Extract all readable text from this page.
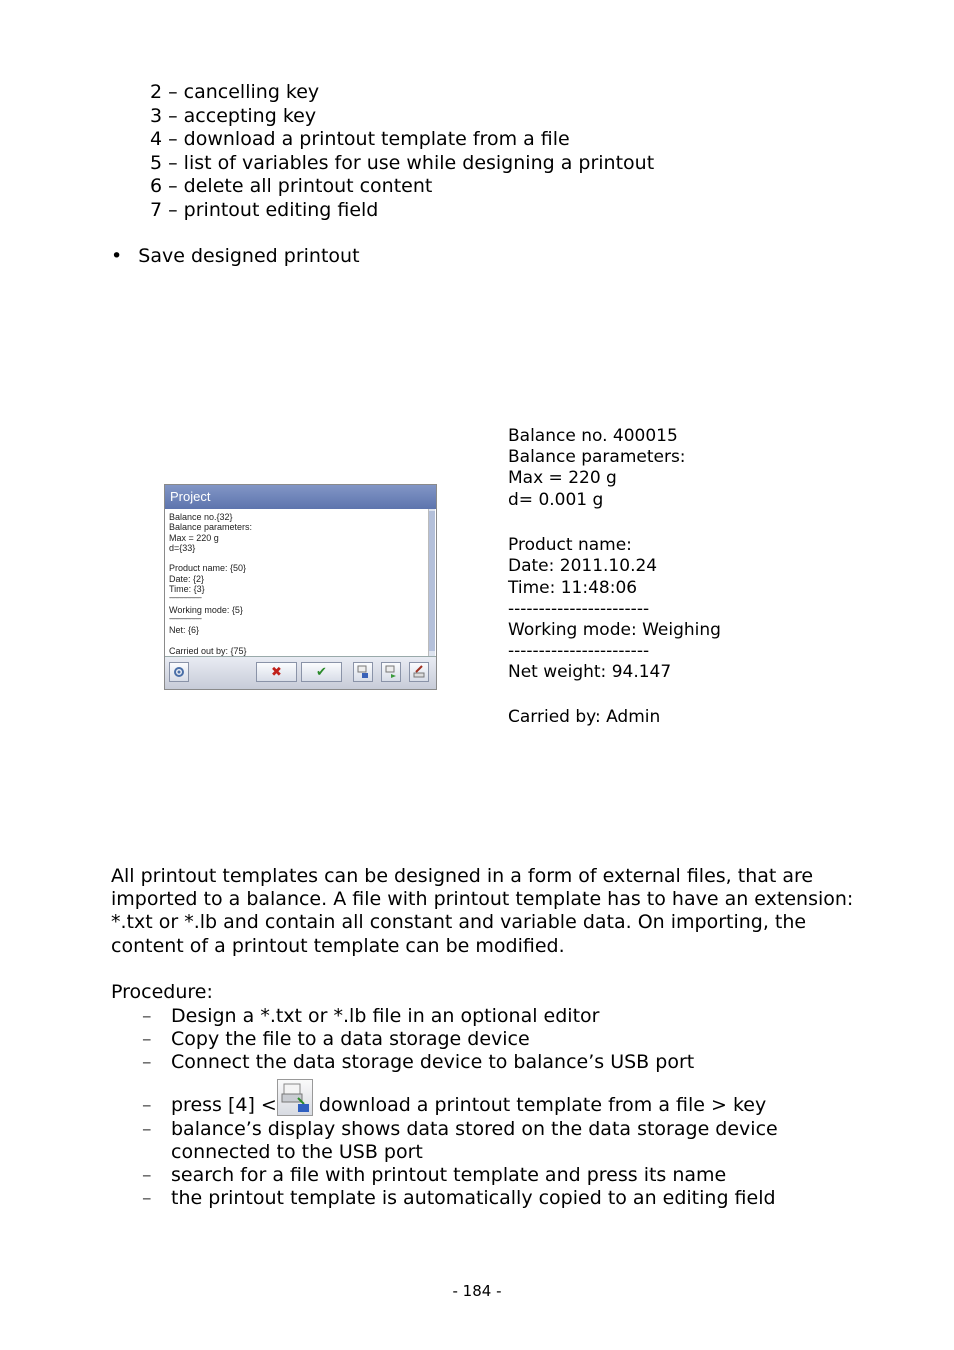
2 – cancelling key
3 – accepting key
4 – download a printout template from a file
5 – list of variables for use while designing a printout
6 – delete all printout content
7 – printout editing field
• Save designed printout
Project
Balance no.{32}
Balance parameters:
Max = 220 g
d={33}
Product name: {50}
Date: {2}
Time: {3}
------------------------
Working mode: {5}
------------------------
Net: {6}
Carried out by: {75}
✖	✔
Balance no. 400015
Balance parameters:
Max = 220 g
d= 0.001 g
Product name:
Date: 2011.10.24
Time: 11:48:06
-----------------------
Working mode: Weighing
-----------------------
Net weight: 94.147
Carried by: Admin
All printout templates can be designed in a form of external files, that are
imported to a balance. A file with printout template has to have an extension:
*.txt or *.lb and contain all constant and variable data. On importing, the
content of a printout template can be modified.
Procedure:
– Design a *.txt or *.lb file in an optional editor
– Copy the file to a data storage device
– Connect the data storage device to balance’s USB port
– press [4] < download a printout template from a file > key
– balance’s display shows data stored on the data storage device
connected to the USB port
– search for a file with printout template and press its name
– the printout template is automatically copied to an editing field
- 184 -
